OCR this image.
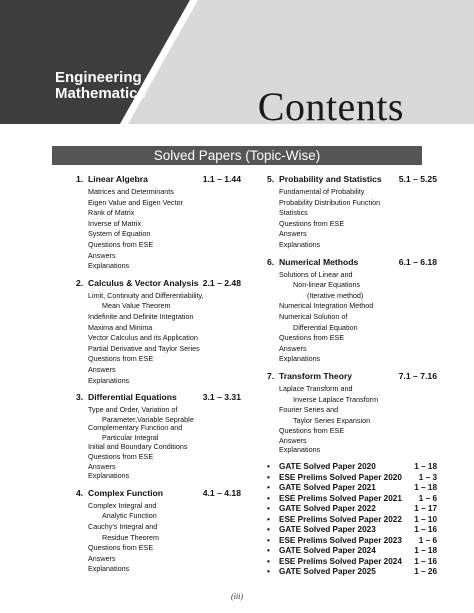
Engineering
Mathematics	Contents
Solved Papers (Topic-Wise)
1. Linear Algebra	1.1 – 1.44
Matrices and Determinants
Eigen Value and Eigen Vector
Rank of Matrix
Inverse of Matrix
System of Equation
Questions from ESE
Answers
Explanations
2. Calculus & Vector Analysis 2.1 – 2.48
Limit, Continuity and Differentiability,
Mean Value Theorem
Indefinite and Definite Integration
Maxima and Minima
Vector Calculus and its Application
Partial Derivative and Taylor Series
Questions from ESE
Answers
Explanations
3. Differential Equations	3.1 – 3.31
Type and Order, Variation of
Parameter,Variable Seprable
Complementary Function and
Particular Integral
Initial and Boundary Conditions
Questions from ESE
Answers
Explanations
4. Complex Function	4.1 – 4.18
Complex Integral and
Analytic Function
Cauchy's Integral and
Residue Theorem
Questions from ESE
Answers
Explanations
5. Probability and Statistics	5.1 – 5.25
Fundamental of Probability
Probability Distribution Function
Statistics
Questions from ESE
Answers
Explanations
6. Numerical Methods	6.1 – 6.18
Solutions of Linear and
Non-linear Equations
(Iterative method)
Numerical Integration Method
Numerical Solution of
Differential Equation
Questions from ESE
Answers
Explanations
7. Transform Theory	7.1 – 7.16
Laplace Transform and
Inverse Laplace Transform
Fourier Series and
Taylor Series Expansion
Questions from ESE
Answers
Explanations
•	GATE Solved Paper 2020	1 – 18
•	ESE Prelims Solved Paper 2020	1 – 3
•	GATE Solved Paper 2021	1 – 18
•	ESE Prelims Solved Paper 2021	1 – 6
•	GATE Solved Paper 2022	1 – 17
•	ESE Prelims Solved Paper 2022	1 – 10
•	GATE Solved Paper 2023	1 – 16
•	ESE Prelims Solved Paper 2023	1 – 6
•	GATE Solved Paper 2024	1 – 18
•	ESE Prelims Solved Paper 2024	1 – 16
•	GATE Solved Paper 2025	1 – 26
(iii)
